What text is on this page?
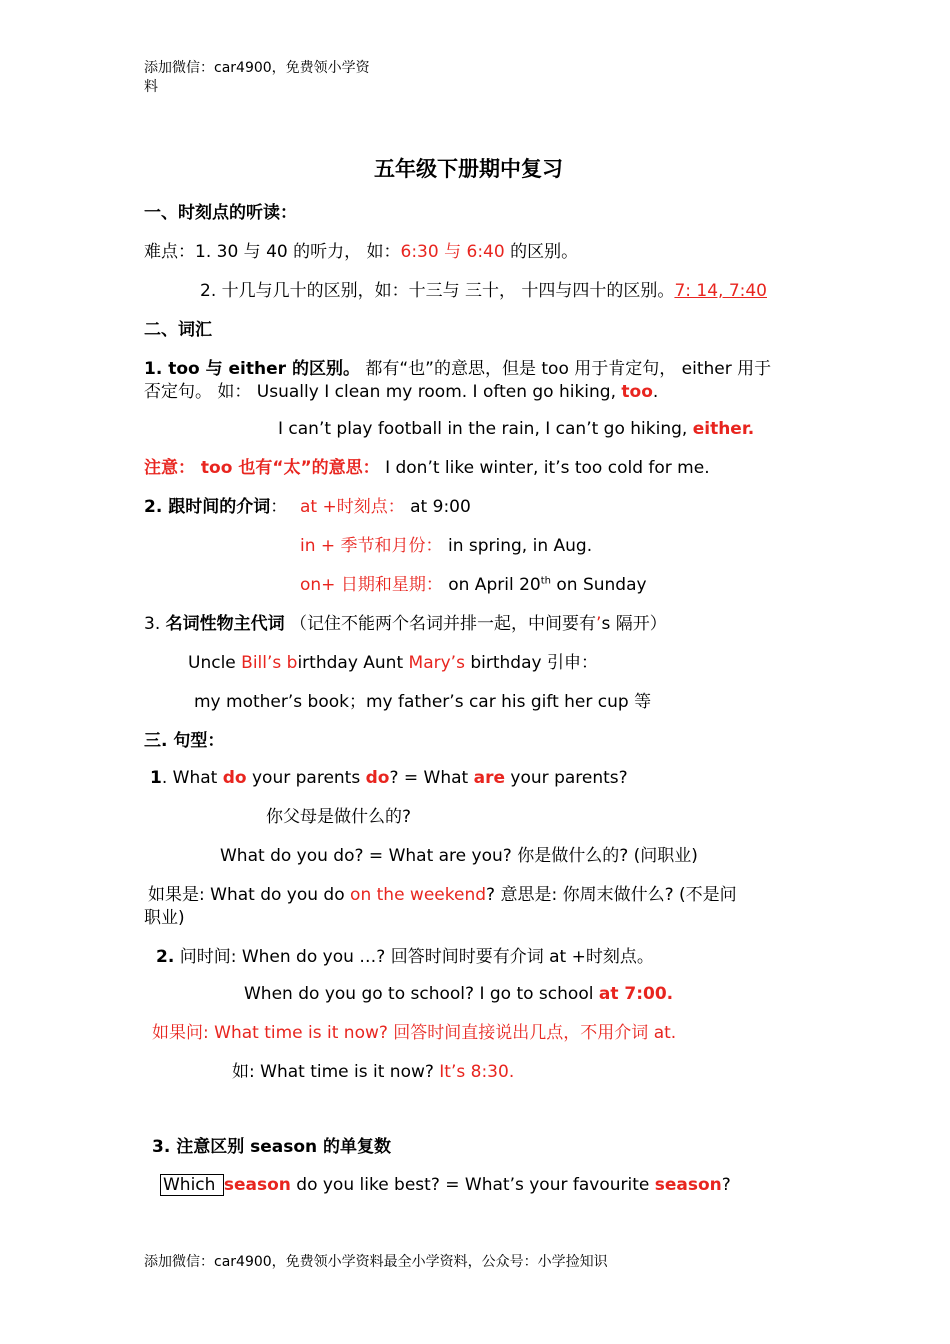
添加微信：car4900，免费领小学资
料
五年级下册期中复习
一、时刻点的听读：
难点：1. 30 与 40 的听力， 如：6:30 与 6:40 的区别。
2. 十几与几十的区别，如：十三与 三十， 十四与四十的区别。7: 14, 7:40
二、词汇
1. too 与 either 的区别。 都有“也”的意思，但是 too 用于肯定句， either 用于
否定句。 如： Usually I clean my room. I often go hiking, too.
I can’t play football in the rain, I can’t go hiking, either.
注意： too 也有“太”的意思： I don’t like winter, it’s too cold for me.
2. 跟时间的介词： at +时刻点： at 9:00
in + 季节和月份： in spring, in Aug.
on+ 日期和星期： on April 20th on Sunday
3. 名词性物主代词 （记住不能两个名词并排一起，中间要有’s 隔开）
Uncle Bill’s birthday Aunt Mary’s birthday 引申：
my mother’s book；my father’s car his gift her cup 等
三. 句型：
1. What do your parents do? = What are your parents?
你父母是做什么的?
What do you do? = What are you? 你是做什么的? (问职业)
如果是: What do you do on the weekend? 意思是: 你周末做什么? (不是问
职业)
2. 问时间: When do you …? 回答时间时要有介词 at +时刻点。
When do you go to school? I go to school at 7:00.
如果问: What time is it now? 回答时间直接说出几点，不用介词 at.
如: What time is it now? It’s 8:30.
3. 注意区别 season 的单复数
Which season do you like best? = What’s your favourite season?
添加微信：car4900，免费领小学资料最全小学资料，公众号：小学捡知识
